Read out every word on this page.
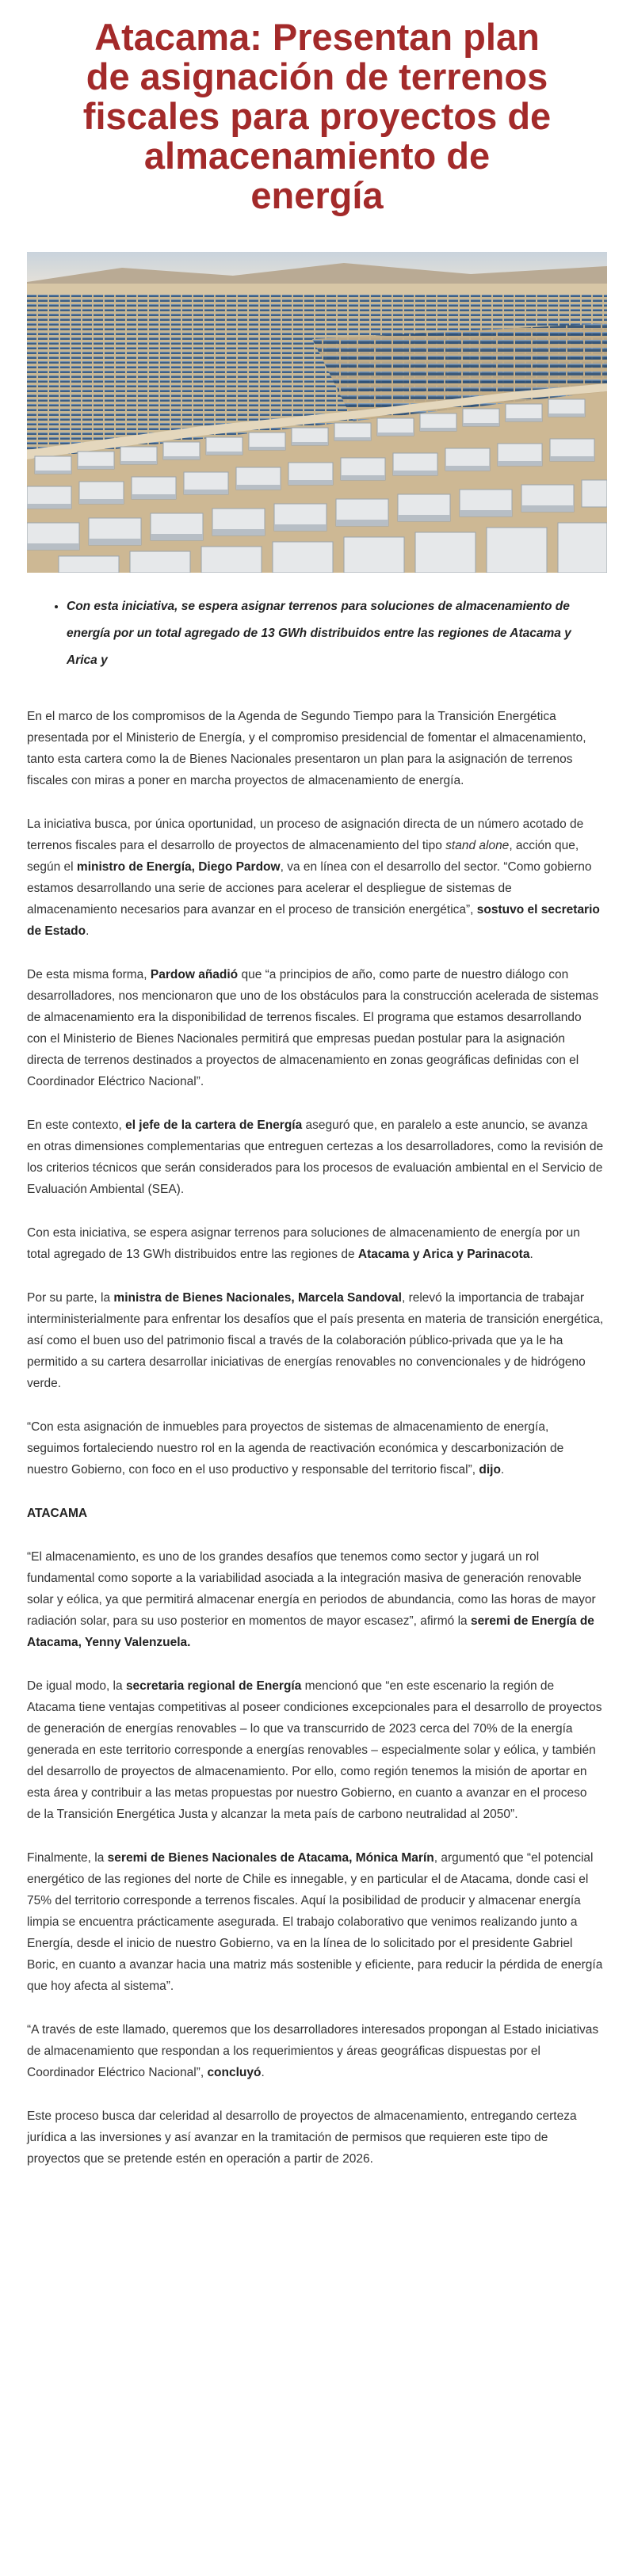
Atacama: Presentan plan de asignación de terrenos fiscales para proyectos de almacenamiento de energía
• Con esta iniciativa, se espera asignar terrenos para soluciones de almacenamiento de energía por un total agregado de 13 GWh distribuidos entre las regiones de Atacama y Arica y

En el marco de los compromisos de la Agenda de Segundo Tiempo para la Transición Energética presentada por el Ministerio de Energía, y el compromiso presidencial de fomentar el almacenamiento, tanto esta cartera como la de Bienes Nacionales presentaron un plan para la asignación de terrenos fiscales con miras a poner en marcha proyectos de almacenamiento de energía.

La iniciativa busca, por única oportunidad, un proceso de asignación directa de un número acotado de terrenos fiscales para el desarrollo de proyectos de almacenamiento del tipo stand alone, acción que, según el ministro de Energía, Diego Pardow, va en línea con el desarrollo del sector. “Como gobierno estamos desarrollando una serie de acciones para acelerar el despliegue de sistemas de almacenamiento necesarios para avanzar en el proceso de transición energética”, sostuvo el secretario de Estado.

De esta misma forma, Pardow añadió que “a principios de año, como parte de nuestro diálogo con desarrolladores, nos mencionaron que uno de los obstáculos para la construcción acelerada de sistemas de almacenamiento era la disponibilidad de terrenos fiscales. El programa que estamos desarrollando con el Ministerio de Bienes Nacionales permitirá que empresas puedan postular para la asignación directa de terrenos destinados a proyectos de almacenamiento en zonas geográficas definidas con el Coordinador Eléctrico Nacional”.

En este contexto, el jefe de la cartera de Energía aseguró que, en paralelo a este anuncio, se avanza en otras dimensiones complementarias que entreguen certezas a los desarrolladores, como la revisión de los criterios técnicos que serán considerados para los procesos de evaluación ambiental en el Servicio de Evaluación Ambiental (SEA).

Con esta iniciativa, se espera asignar terrenos para soluciones de almacenamiento de energía por un total agregado de 13 GWh distribuidos entre las regiones de Atacama y Arica y Parinacota.

Por su parte, la ministra de Bienes Nacionales, Marcela Sandoval, relevó la importancia de trabajar interministerialmente para enfrentar los desafíos que el país presenta en materia de transición energética, así como el buen uso del patrimonio fiscal a través de la colaboración público-privada que ya le ha permitido a su cartera desarrollar iniciativas de energías renovables no convencionales y de hidrógeno verde.

“Con esta asignación de inmuebles para proyectos de sistemas de almacenamiento de energía, seguimos fortaleciendo nuestro rol en la agenda de reactivación económica y descarbonización de nuestro Gobierno, con foco en el uso productivo y responsable del territorio fiscal”, dijo.

ATACAMA

“El almacenamiento, es uno de los grandes desafíos que tenemos como sector y jugará un rol fundamental como soporte a la variabilidad asociada a la integración masiva de generación renovable solar y eólica, ya que permitirá almacenar energía en periodos de abundancia, como las horas de mayor radiación solar, para su uso posterior en momentos de mayor escasez”, afirmó la seremi de Energía de Atacama, Yenny Valenzuela.

De igual modo, la secretaria regional de Energía mencionó que “en este escenario la región de Atacama tiene ventajas competitivas al poseer condiciones excepcionales para el desarrollo de proyectos de generación de energías renovables – lo que va transcurrido de 2023 cerca del 70% de la energía generada en este territorio corresponde a energías renovables – especialmente solar y eólica, y también del desarrollo de proyectos de almacenamiento. Por ello, como región tenemos la misión de aportar en esta área y contribuir a las metas propuestas por nuestro Gobierno, en cuanto a avanzar en el proceso de la Transición Energética Justa y alcanzar la meta país de carbono neutralidad al 2050”.

Finalmente, la seremi de Bienes Nacionales de Atacama, Mónica Marín, argumentó que “el potencial energético de las regiones del norte de Chile es innegable, y en particular el de Atacama, donde casi el 75% del territorio corresponde a terrenos fiscales. Aquí la posibilidad de producir y almacenar energía limpia se encuentra prácticamente asegurada. El trabajo colaborativo que venimos realizando junto a Energía, desde el inicio de nuestro Gobierno, va en la línea de lo solicitado por el presidente Gabriel Boric, en cuanto a avanzar hacia una matriz más sostenible y eficiente, para reducir la pérdida de energía que hoy afecta al sistema”.

“A través de este llamado, queremos que los desarrolladores interesados propongan al Estado iniciativas de almacenamiento que respondan a los requerimientos y áreas geográficas dispuestas por el Coordinador Eléctrico Nacional”, concluyó.

Este proceso busca dar celeridad al desarrollo de proyectos de almacenamiento, entregando certeza jurídica a las inversiones y así avanzar en la tramitación de permisos que requieren este tipo de proyectos que se pretende estén en operación a partir de 2026.
